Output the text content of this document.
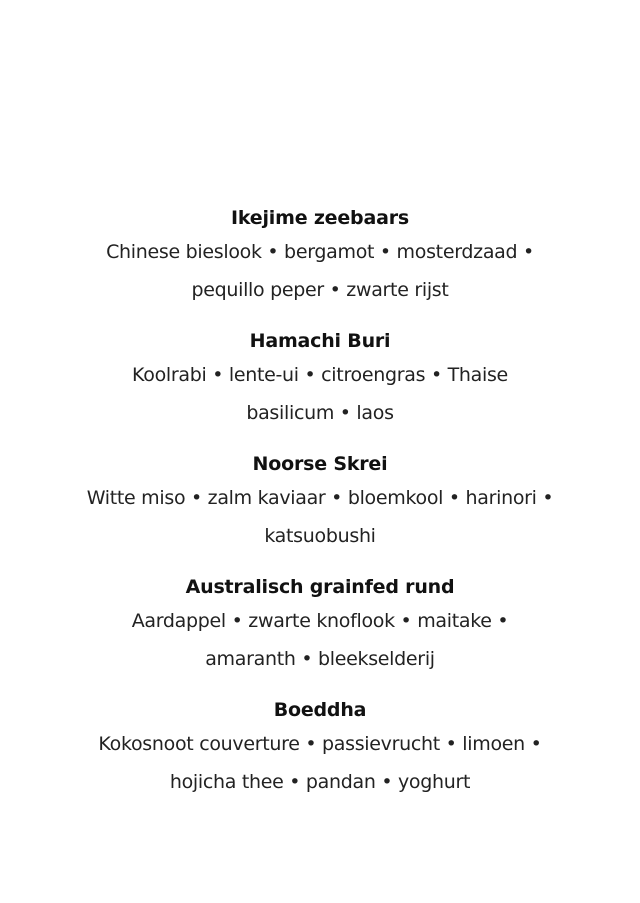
Ikejime zeebaars
Chinese bieslook • bergamot • mosterdzaad •
pequillo peper • zwarte rijst
Hamachi Buri
Koolrabi • lente-ui • citroengras • Thaise
basilicum • laos
Noorse Skrei
Witte miso • zalm kaviaar • bloemkool • harinori •
katsuobushi
Australisch grainfed rund
Aardappel • zwarte knoflook • maitake •
amaranth • bleekselderij
Boeddha
Kokosnoot couverture • passievrucht • limoen •
hojicha thee • pandan • yoghurt
